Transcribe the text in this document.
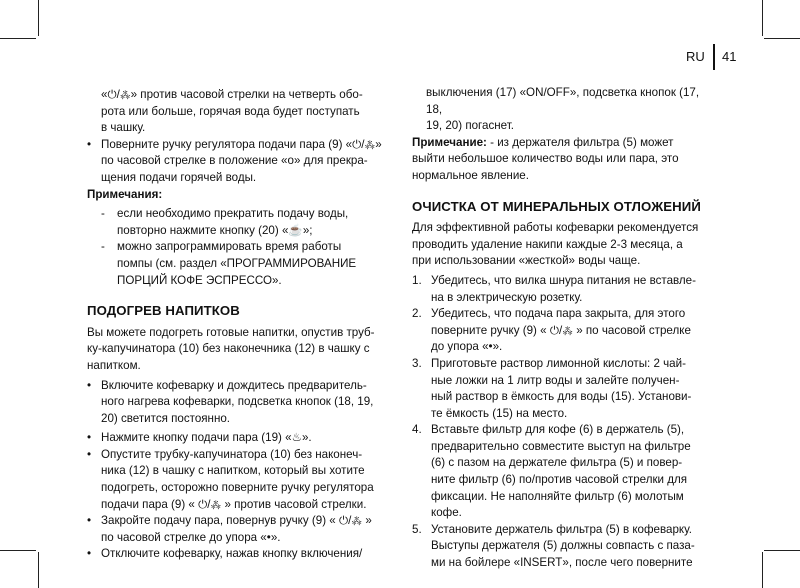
RU 41
«⏻/⁂» против часовой стрелки на четверть обо-
рота или больше, горячая вода будет поступать
в чашку.
• Поверните ручку регулятора подачи пара (9) «⏻/⁂»
по часовой стрелке в положение «о» для прекра-
щения подачи горячей воды.
Примечания:
- если необходимо прекратить подачу воды,
повторно нажмите кнопку (20) «☕»;
- можно запрограммировать время работы
помпы (см. раздел «ПРОГРАММИРОВАНИЕ
ПОРЦИЙ КОФЕ ЭСПРЕССО».
ПОДОГРЕВ НАПИТКОВ
Вы можете подогреть готовые напитки, опустив труб-
ку-капучинатора (10) без наконечника (12) в чашку с
напитком.
• Включите кофеварку и дождитесь предваритель-
ного нагрева кофеварки, подсветка кнопок (18, 19,
20) светится постоянно.
• Нажмите кнопку подачи пара (19) «♨».
• Опустите трубку-капучинатора (10) без наконеч-
ника (12) в чашку с напитком, который вы хотите
подогреть, осторожно поверните ручку регулятора
подачи пара (9) « ⏻/⁂ » против часовой стрелки.
• Закройте подачу пара, повернув ручку (9) « ⏻/⁂ »
по часовой стрелке до упора «•».
• Отключите кофеварку, нажав кнопку включения/
выключения (17) «ON/OFF», подсветка кнопок (17, 18,
19, 20) погаснет.
Примечание: - из держателя фильтра (5) может
выйти небольшое количество воды или пара, это
нормальное явление.
ОЧИСТКА ОТ МИНЕРАЛЬНЫХ ОТЛОЖЕНИЙ
Для эффективной работы кофеварки рекомендуется
проводить удаление накипи каждые 2-3 месяца, а
при использовании «жесткой» воды чаще.
1. Убедитесь, что вилка шнура питания не вставле-
на в электрическую розетку.
2. Убедитесь, что подача пара закрыта, для этого
поверните ручку (9) « ⏻/⁂ » по часовой стрелке
до упора «•».
3. Приготовьте раствор лимонной кислоты: 2 чай-
ные ложки на 1 литр воды и залейте получен-
ный раствор в ёмкость для воды (15). Установи-
те ёмкость (15) на место.
4. Вставьте фильтр для кофе (6) в держатель (5),
предварительно совместите выступ на фильтре
(6) с пазом на держателе фильтра (5) и повер-
ните фильтр (6) по/против часовой стрелки для
фиксации. Не наполняйте фильтр (6) молотым
кофе.
5. Установите держатель фильтра (5) в кофеварку.
Выступы держателя (5) должны совпасть с паза-
ми на бойлере «INSERT», после чего поверните
